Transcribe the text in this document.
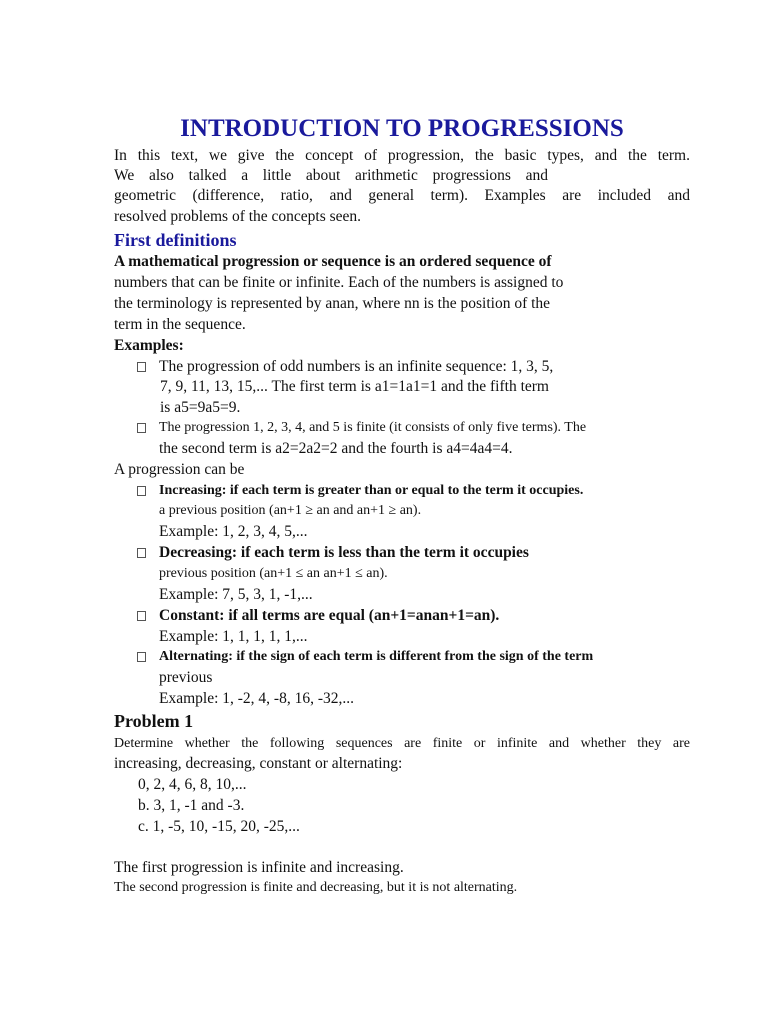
INTRODUCTION TO PROGRESSIONS
In this text, we give the concept of progression, the basic types, and the term.
We also talked a little about arithmetic progressions and
geometric (difference, ratio, and general term). Examples are included and
resolved problems of the concepts seen.
First definitions
A mathematical progression or sequence is an ordered sequence of
numbers that can be finite or infinite. Each of the numbers is assigned to
the terminology is represented by anan, where nn is the position of the
term in the sequence.
Examples:
The progression of odd numbers is an infinite sequence: 1, 3, 5,
7, 9, 11, 13, 15,... The first term is a1=1a1=1 and the fifth term
is a5=9a5=9.
The progression 1, 2, 3, 4, and 5 is finite (it consists of only five terms). The
the second term is a2=2a2=2 and the fourth is a4=4a4=4.
A progression can be
Increasing: if each term is greater than or equal to the term it occupies.
a previous position (an+1 ≥ an and an+1 ≥ an).
Example: 1, 2, 3, 4, 5,...
Decreasing: if each term is less than the term it occupies
previous position (an+1 ≤ an an+1 ≤ an).
Example: 7, 5, 3, 1, -1,...
Constant: if all terms are equal (an+1=anan+1=an).
Example: 1, 1, 1, 1, 1,...
Alternating: if the sign of each term is different from the sign of the term
previous
Example: 1, -2, 4, -8, 16, -32,...
Problem 1
Determine whether the following sequences are finite or infinite and whether they are
increasing, decreasing, constant or alternating:
0, 2, 4, 6, 8, 10,...
b. 3, 1, -1 and -3.
c. 1, -5, 10, -15, 20, -25,...
The first progression is infinite and increasing.
The second progression is finite and decreasing, but it is not alternating.
